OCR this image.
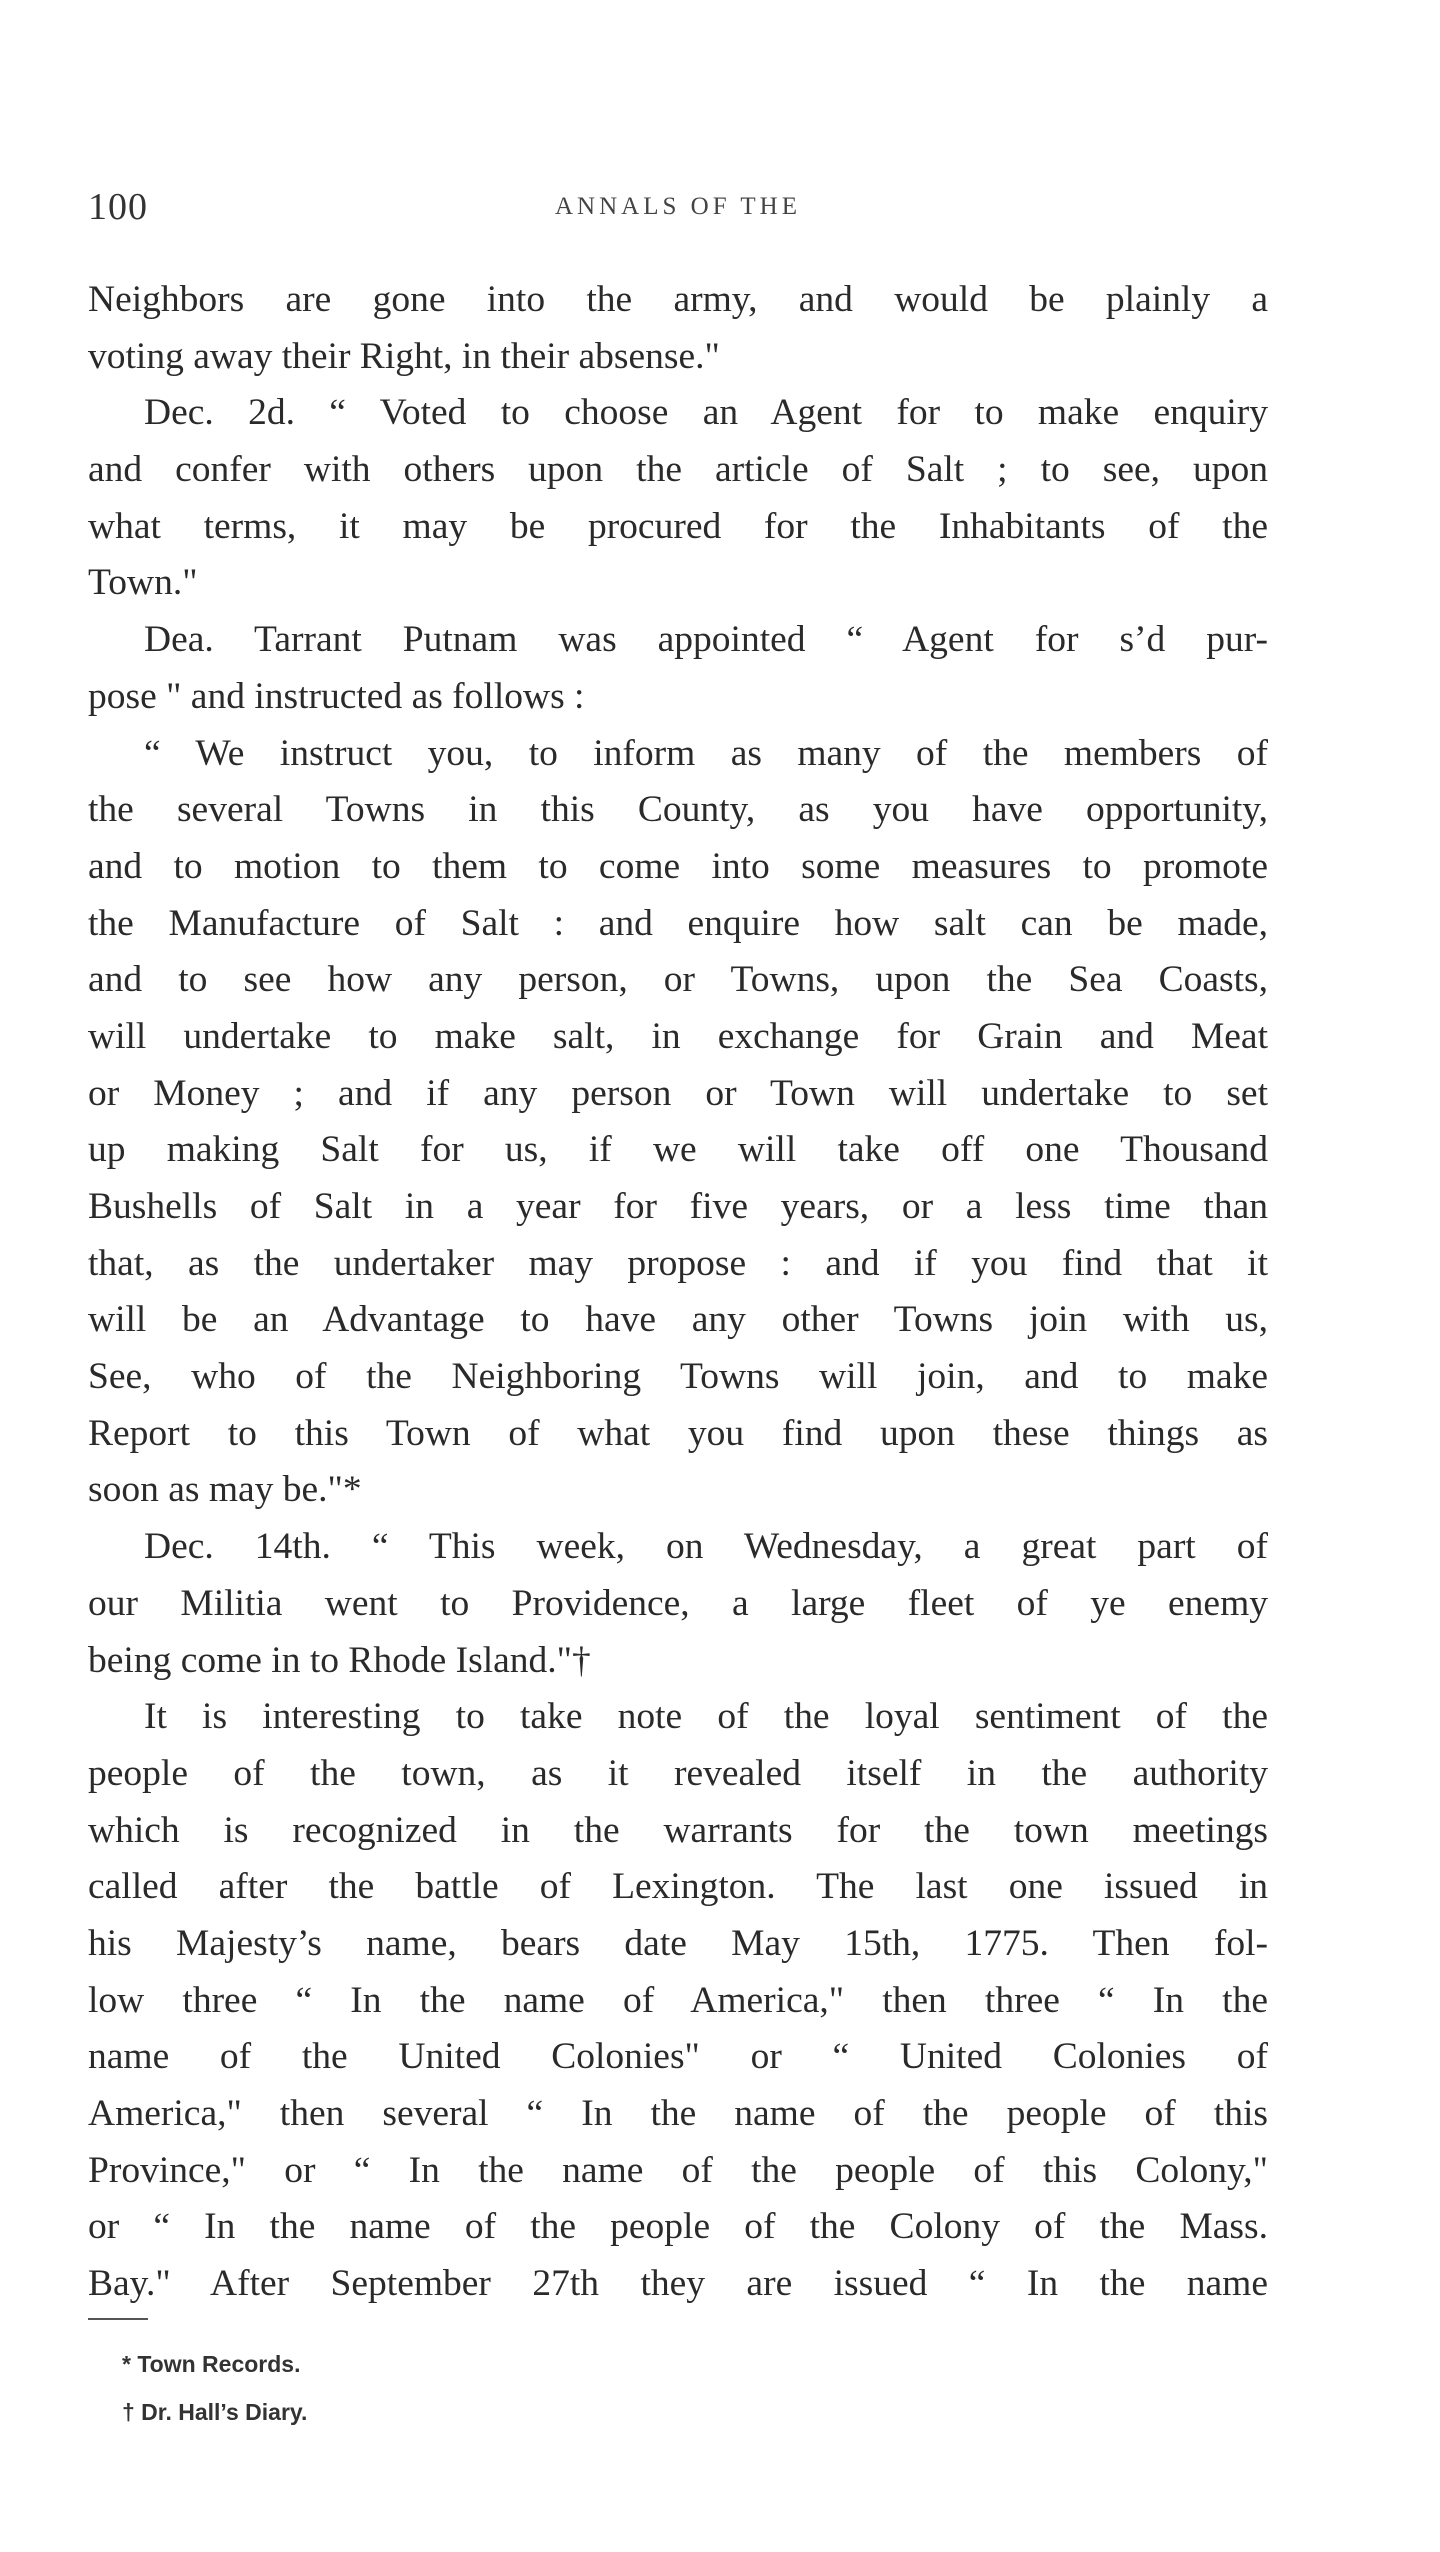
100	ANNALS OF THE
Neighbors are gone into the army, and would be plainly a
voting away their Right, in their absense."
Dec. 2d. “ Voted to choose an Agent for to make enquiry
and confer with others upon the article of Salt ; to see, upon
what terms, it may be procured for the Inhabitants of the
Town."
Dea. Tarrant Putnam was appointed “ Agent for s’d pur-
pose " and instructed as follows :
“ We instruct you, to inform as many of the members of
the several Towns in this County, as you have opportunity,
and to motion to them to come into some measures to promote
the Manufacture of Salt : and enquire how salt can be made,
and to see how any person, or Towns, upon the Sea Coasts,
will undertake to make salt, in exchange for Grain and Meat
or Money ; and if any person or Town will undertake to set
up making Salt for us, if we will take off one Thousand
Bushells of Salt in a year for five years, or a less time than
that, as the undertaker may propose : and if you find that it
will be an Advantage to have any other Towns join with us,
See, who of the Neighboring Towns will join, and to make
Report to this Town of what you find upon these things as
soon as may be."*
Dec. 14th. “ This week, on Wednesday, a great part of
our Militia went to Providence, a large fleet of ye enemy
being come in to Rhode Island."†
It is interesting to take note of the loyal sentiment of the
people of the town, as it revealed itself in the authority
which is recognized in the warrants for the town meetings
called after the battle of Lexington. The last one issued in
his Majesty’s name, bears date May 15th, 1775. Then fol-
low three “ In the name of America," then three “ In the
name of the United Colonies" or “ United Colonies of
America," then several “ In the name of the people of this
Province," or “ In the name of the people of this Colony,"
or “ In the name of the people of the Colony of the Mass.
Bay." After September 27th they are issued “ In the name
* Town Records.
† Dr. Hall’s Diary.
